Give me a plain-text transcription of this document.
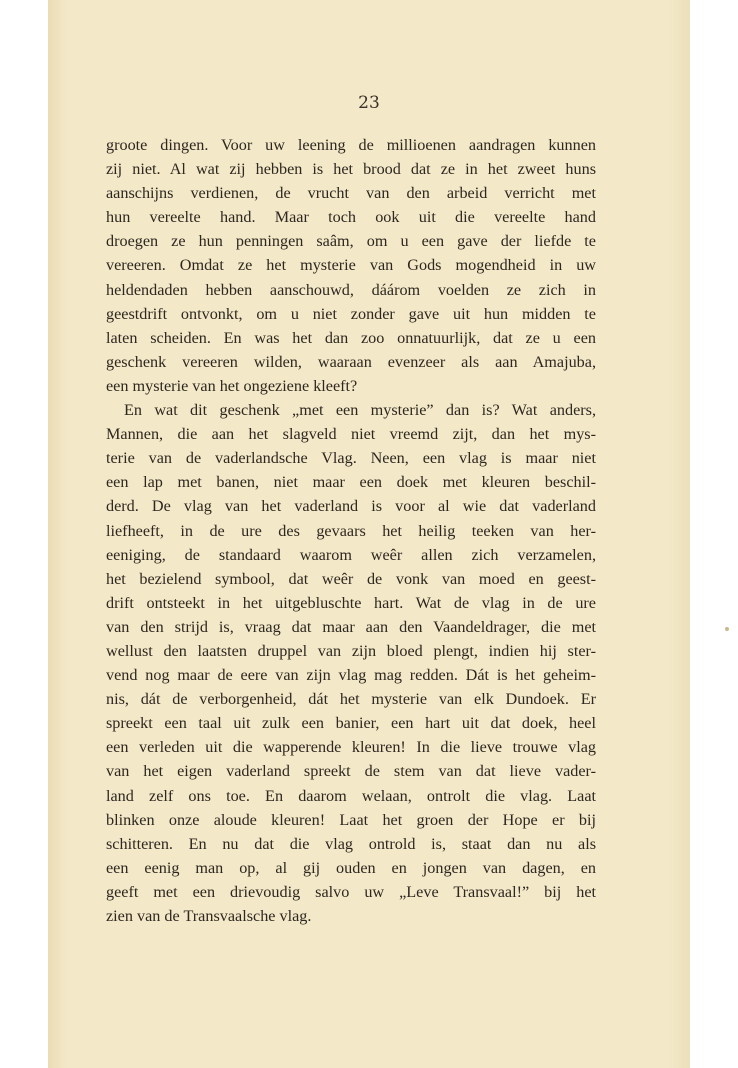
23
groote dingen. Voor uw leening de millioenen aandragen kunnen
zij niet. Al wat zij hebben is het brood dat ze in het zweet huns
aanschijns verdienen, de vrucht van den arbeid verricht met
hun vereelte hand. Maar toch ook uit die vereelte hand
droegen ze hun penningen saâm, om u een gave der liefde te
vereeren. Omdat ze het mysterie van Gods mogendheid in uw
heldendaden hebben aanschouwd, dáárom voelden ze zich in
geestdrift ontvonkt, om u niet zonder gave uit hun midden te
laten scheiden. En was het dan zoo onnatuurlijk, dat ze u een
geschenk vereeren wilden, waaraan evenzeer als aan Amajuba,
een mysterie van het ongeziene kleeft?
En wat dit geschenk „met een mysterie” dan is? Wat anders,
Mannen, die aan het slagveld niet vreemd zijt, dan het mys-
terie van de vaderlandsche Vlag. Neen, een vlag is maar niet
een lap met banen, niet maar een doek met kleuren beschil-
derd. De vlag van het vaderland is voor al wie dat vaderland
liefheeft, in de ure des gevaars het heilig teeken van her-
eeniging, de standaard waarom weêr allen zich verzamelen,
het bezielend symbool, dat weêr de vonk van moed en geest-
drift ontsteekt in het uitgebluschte hart. Wat de vlag in de ure
van den strijd is, vraag dat maar aan den Vaandeldrager, die met
wellust den laatsten druppel van zijn bloed plengt, indien hij ster-
vend nog maar de eere van zijn vlag mag redden. Dát is het geheim-
nis, dát de verborgenheid, dát het mysterie van elk Dundoek. Er
spreekt een taal uit zulk een banier, een hart uit dat doek, heel
een verleden uit die wapperende kleuren! In die lieve trouwe vlag
van het eigen vaderland spreekt de stem van dat lieve vader-
land zelf ons toe. En daarom welaan, ontrolt die vlag. Laat
blinken onze aloude kleuren! Laat het groen der Hope er bij
schitteren. En nu dat die vlag ontrold is, staat dan nu als
een eenig man op, al gij ouden en jongen van dagen, en
geeft met een drievoudig salvo uw „Leve Transvaal!” bij het
zien van de Transvaalsche vlag.
